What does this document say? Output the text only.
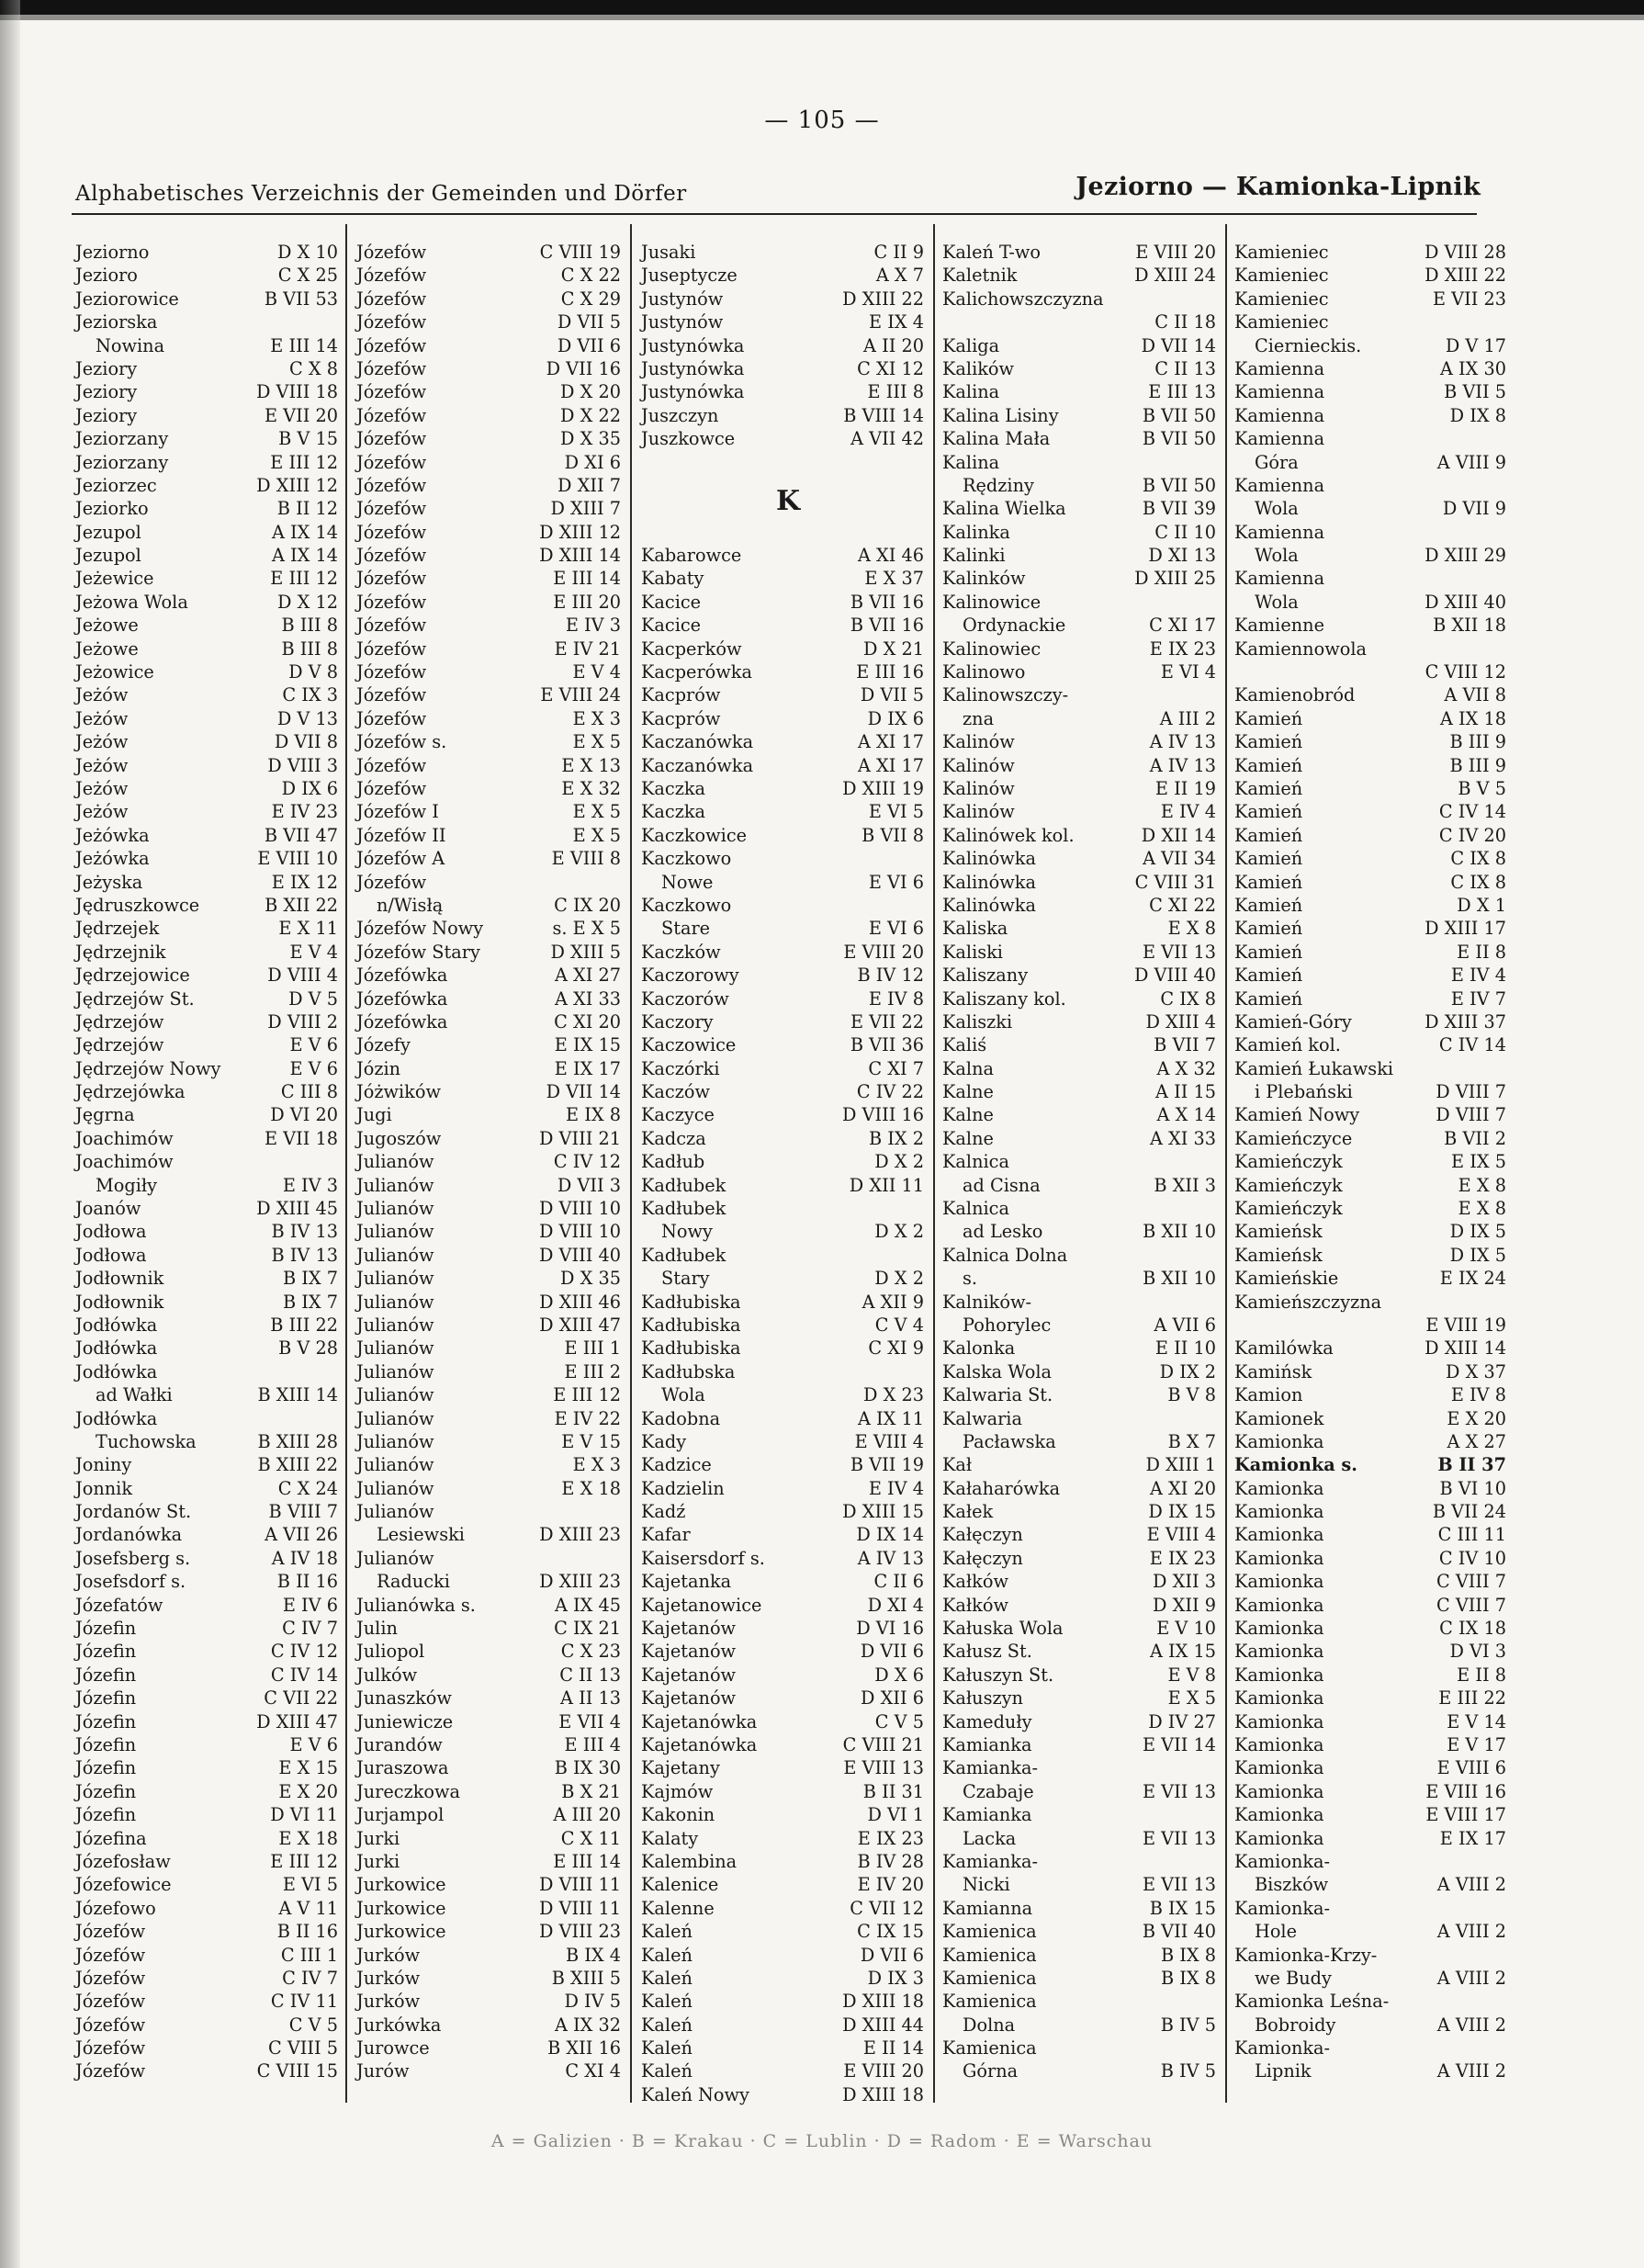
— 105 —
Alphabetisches Verzeichnis der Gemeinden und Dörfer	Jeziorno — Kamionka-Lipnik
Jeziorno	D X 10
Jezioro	C X 25
Jeziorowice	B VII 53
Jeziorska
Nowina	E III 14
Jeziory	C X 8
Jeziory	D VIII 18
Jeziory	E VII 20
Jeziorzany	B V 15
Jeziorzany	E III 12
Jeziorzec	D XIII 12
Jeziorko	B II 12
Jezupol	A IX 14
Jezupol	A IX 14
Jeżewice	E III 12
Jeżowa Wola	D X 12
Jeżowe	B III 8
Jeżowe	B III 8
Jeżowice	D V 8
Jeżów	C IX 3
Jeżów	D V 13
Jeżów	D VII 8
Jeżów	D VIII 3
Jeżów	D IX 6
Jeżów	E IV 23
Jeżówka	B VII 47
Jeżówka	E VIII 10
Jeżyska	E IX 12
Jędruszkowce	B XII 22
Jędrzejek	E X 11
Jędrzejnik	E V 4
Jędrzejowice	D VIII 4
Jędrzejów St.	D V 5
Jędrzejów	D VIII 2
Jędrzejów	E V 6
Jędrzejów Nowy	E V 6
Jędrzejówka	C III 8
Jęgrna	D VI 20
Joachimów	E VII 18
Joachimów
Mogiły	E IV 3
Joanów	D XIII 45
Jodłowa	B IV 13
Jodłowa	B IV 13
Jodłownik	B IX 7
Jodłownik	B IX 7
Jodłówka	B III 22
Jodłówka	B V 28
Jodłówka
ad Wałki	B XIII 14
Jodłówka
Tuchowska	B XIII 28
Joniny	B XIII 22
Jonnik	C X 24
Jordanów St.	B VIII 7
Jordanówka	A VII 26
Josefsberg s.	A IV 18
Josefsdorf s.	B II 16
Józefatów	E IV 6
Józefin	C IV 7
Józefin	C IV 12
Józefin	C IV 14
Józefin	C VII 22
Józefin	D XIII 47
Józefin	E V 6
Józefin	E X 15
Józefin	E X 20
Józefin	D VI 11
Józefina	E X 18
Józefosław	E III 12
Józefowice	E VI 5
Józefowo	A V 11
Józefów	B II 16
Józefów	C III 1
Józefów	C IV 7
Józefów	C IV 11
Józefów	C V 5
Józefów	C VIII 5
Józefów	C VIII 15
Józefów	C VIII 19
Józefów	C X 22
Józefów	C X 29
Józefów	D VII 5
Józefów	D VII 6
Józefów	D VII 16
Józefów	D X 20
Józefów	D X 22
Józefów	D X 35
Józefów	D XI 6
Józefów	D XII 7
Józefów	D XIII 7
Józefów	D XIII 12
Józefów	D XIII 14
Józefów	E III 14
Józefów	E III 20
Józefów	E IV 3
Józefów	E IV 21
Józefów	E V 4
Józefów	E VIII 24
Józefów	E X 3
Józefów s.	E X 5
Józefów	E X 13
Józefów	E X 32
Józefów I	E X 5
Józefów II	E X 5
Józefów A	E VIII 8
Józefów
n/Wisłą	C IX 20
Józefów Nowy	s. E X 5
Józefów Stary	D XIII 5
Józefówka	A XI 27
Józefówka	A XI 33
Józefówka	C XI 20
Józefy	E IX 15
Józin	E IX 17
Jóżwików	D VII 14
Jugi	E IX 8
Jugoszów	D VIII 21
Julianów	C IV 12
Julianów	D VII 3
Julianów	D VIII 10
Julianów	D VIII 10
Julianów	D VIII 40
Julianów	D X 35
Julianów	D XIII 46
Julianów	D XIII 47
Julianów	E III 1
Julianów	E III 2
Julianów	E III 12
Julianów	E IV 22
Julianów	E V 15
Julianów	E X 3
Julianów	E X 18
Julianów
Lesiewski	D XIII 23
Julianów
Raducki	D XIII 23
Julianówka s.	A IX 45
Julin	C IX 21
Juliopol	C X 23
Julków	C II 13
Junaszków	A II 13
Juniewicze	E VII 4
Jurandów	E III 4
Juraszowa	B IX 30
Jureczkowa	B X 21
Jurjampol	A III 20
Jurki	C X 11
Jurki	E III 14
Jurkowice	D VIII 11
Jurkowice	D VIII 11
Jurkowice	D VIII 23
Jurków	B IX 4
Jurków	B XIII 5
Jurków	D IV 5
Jurkówka	A IX 32
Jurowce	B XII 16
Jurów	C XI 4
Jusaki	C II 9
Juseptycze	A X 7
Justynów	D XIII 22
Justynów	E IX 4
Justynówka	A II 20
Justynówka	C XI 12
Justynówka	E III 8
Juszczyn	B VIII 14
Juszkowce	A VII 42
Kabarowce	A XI 46
Kabaty	E X 37
Kacice	B VII 16
Kacice	B VII 16
Kacperków	D X 21
Kacperówka	E III 16
Kacprów	D VII 5
Kacprów	D IX 6
Kaczanówka	A XI 17
Kaczanówka	A XI 17
Kaczka	D XIII 19
Kaczka	E VI 5
Kaczkowice	B VII 8
Kaczkowo
Nowe	E VI 6
Kaczkowo
Stare	E VI 6
Kaczków	E VIII 20
Kaczorowy	B IV 12
Kaczorów	E IV 8
Kaczory	E VII 22
Kaczowice	B VII 36
Kaczórki	C XI 7
Kaczów	C IV 22
Kaczyce	D VIII 16
Kadcza	B IX 2
Kadłub	D X 2
Kadłubek	D XII 11
Kadłubek
Nowy	D X 2
Kadłubek
Stary	D X 2
Kadłubiska	A XII 9
Kadłubiska	C V 4
Kadłubiska	C XI 9
Kadłubska
Wola	D X 23
Kadobna	A IX 11
Kady	E VIII 4
Kadzice	B VII 19
Kadzielin	E IV 4
Kadź	D XIII 15
Kafar	D IX 14
Kaisersdorf s.	A IV 13
Kajetanka	C II 6
Kajetanowice	D XI 4
Kajetanów	D VI 16
Kajetanów	D VII 6
Kajetanów	D X 6
Kajetanów	D XII 6
Kajetanówka	C V 5
Kajetanówka	C VIII 21
Kajetany	E VIII 13
Kajmów	B II 31
Kakonin	D VI 1
Kalaty	E IX 23
Kalembina	B IV 28
Kalenice	E IV 20
Kalenne	C VII 12
Kaleń	C IX 15
Kaleń	D VII 6
Kaleń	D IX 3
Kaleń	D XIII 18
Kaleń	D XIII 44
Kaleń	E II 14
Kaleń	E VIII 20
Kaleń Nowy	D XIII 18
Kaleń T-wo	E VIII 20
Kaletnik	D XIII 24
Kalichowszczyzna
C II 18
Kaliga	D VII 14
Kalików	C II 13
Kalina	E III 13
Kalina Lisiny	B VII 50
Kalina Mała	B VII 50
Kalina
Rędziny	B VII 50
Kalina Wielka	B VII 39
Kalinka	C II 10
Kalinki	D XI 13
Kalinków	D XIII 25
Kalinowice
Ordynackie	C XI 17
Kalinowiec	E IX 23
Kalinowo	E VI 4
Kalinowszczy-
zna	A III 2
Kalinów	A IV 13
Kalinów	A IV 13
Kalinów	E II 19
Kalinów	E IV 4
Kalinówek kol.	D XII 14
Kalinówka	A VII 34
Kalinówka	C VIII 31
Kalinówka	C XI 22
Kaliska	E X 8
Kaliski	E VII 13
Kaliszany	D VIII 40
Kaliszany kol.	C IX 8
Kaliszki	D XIII 4
Kaliś	B VII 7
Kalna	A X 32
Kalne	A II 15
Kalne	A X 14
Kalne	A XI 33
Kalnica
ad Cisna	B XII 3
Kalnica
ad Lesko	B XII 10
Kalnica Dolna
s.	B XII 10
Kalników-
Pohorylec	A VII 6
Kalonka	E II 10
Kalska Wola	D IX 2
Kalwaria St.	B V 8
Kalwaria
Pacławska	B X 7
Kał	D XIII 1
Kałaharówka	A XI 20
Kałek	D IX 15
Kałęczyn	E VIII 4
Kałęczyn	E IX 23
Kałków	D XII 3
Kałków	D XII 9
Kałuska Wola	E V 10
Kałusz St.	A IX 15
Kałuszyn St.	E V 8
Kałuszyn	E X 5
Kameduły	D IV 27
Kamianka	E VII 14
Kamianka-
Czabaje	E VII 13
Kamianka
Lacka	E VII 13
Kamianka-
Nicki	E VII 13
Kamianna	B IX 15
Kamienica	B VII 40
Kamienica	B IX 8
Kamienica	B IX 8
Kamienica
Dolna	B IV 5
Kamienica
Górna	B IV 5
Kamieniec	D VIII 28
Kamieniec	D XIII 22
Kamieniec	E VII 23
Kamieniec
Ciernieckis.	D V 17
Kamienna	A IX 30
Kamienna	B VII 5
Kamienna	D IX 8
Kamienna
Góra	A VIII 9
Kamienna
Wola	D VII 9
Kamienna
Wola	D XIII 29
Kamienna
Wola	D XIII 40
Kamienne	B XII 18
Kamiennowola
C VIII 12
Kamienobród	A VII 8
Kamień	A IX 18
Kamień	B III 9
Kamień	B III 9
Kamień	B V 5
Kamień	C IV 14
Kamień	C IV 20
Kamień	C IX 8
Kamień	C IX 8
Kamień	D X 1
Kamień	D XIII 17
Kamień	E II 8
Kamień	E IV 4
Kamień	E IV 7
Kamień-Góry	D XIII 37
Kamień kol.	C IV 14
Kamień Łukawski
i Plebański	D VIII 7
Kamień Nowy	D VIII 7
Kamieńczyce	B VII 2
Kamieńczyk	E IX 5
Kamieńczyk	E X 8
Kamieńczyk	E X 8
Kamieńsk	D IX 5
Kamieńsk	D IX 5
Kamieńskie	E IX 24
Kamieńszczyzna
E VIII 19
Kamilówka	D XIII 14
Kamińsk	D X 37
Kamion	E IV 8
Kamionek	E X 20
Kamionka	A X 27
Kamionka s.	B II 37
Kamionka	B VI 10
Kamionka	B VII 24
Kamionka	C III 11
Kamionka	C IV 10
Kamionka	C VIII 7
Kamionka	C VIII 7
Kamionka	C IX 18
Kamionka	D VI 3
Kamionka	E II 8
Kamionka	E III 22
Kamionka	E V 14
Kamionka	E V 17
Kamionka	E VIII 6
Kamionka	E VIII 16
Kamionka	E VIII 17
Kamionka	E IX 17
Kamionka-
Biszków	A VIII 2
Kamionka-
Hole	A VIII 2
Kamionka-Krzy-
we Budy	A VIII 2
Kamionka Leśna-
Bobroidy	A VIII 2
Kamionka-
Lipnik	A VIII 2
K
A = Galizien · B = Krakau · C = Lublin · D = Radom · E = Warschau
